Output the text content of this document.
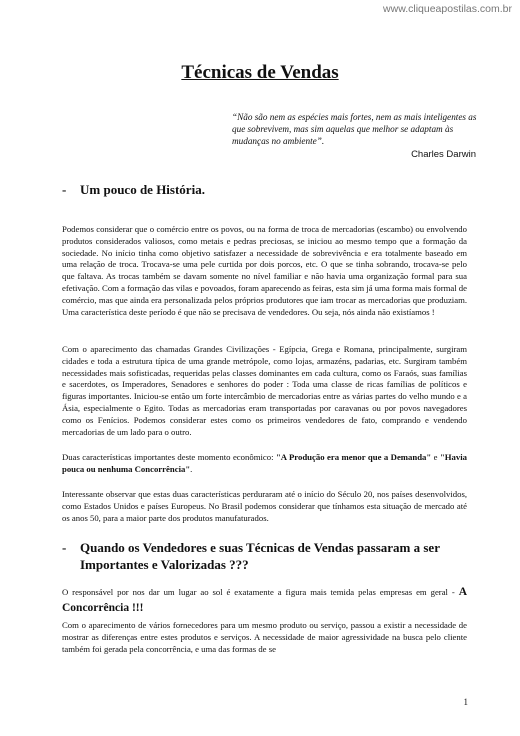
www.cliqueapostilas.com.br
Técnicas de Vendas
“Não são nem as espécies mais fortes, nem as mais inteligentes as que sobrevivem, mas sim aquelas que melhor se adaptam às mudanças no ambiente”.
Charles Darwin
- Um pouco de História.

Podemos considerar que o comércio entre os povos, ou na forma de troca de mercadorias (escambo) ou envolvendo produtos considerados valiosos, como metais e pedras preciosas, se iniciou ao mesmo tempo que a formação da sociedade. No início tinha como objetivo satisfazer a necessidade de sobrevivência e era totalmente baseado em uma relação de troca. Trocava-se uma pele curtida por dois porcos, etc. O que se tinha sobrando, trocava-se pelo que faltava. As trocas também se davam somente no nível familiar e não havia uma organização formal para sua efetivação. Com a formação das vilas e povoados, foram aparecendo as feiras, esta sim já uma forma mais formal de comércio, mas que ainda era personalizada pelos próprios produtores que iam trocar as mercadorias que produziam. Uma característica deste período é que não se precisava de vendedores. Ou seja, nós ainda não existíamos !

Com o aparecimento das chamadas Grandes Civilizações - Egípcia, Grega e Romana, principalmente, surgiram cidades e toda a estrutura típica de uma grande metrópole, como lojas, armazéns, padarias, etc. Surgiram também necessidades mais sofisticadas, requeridas pelas classes dominantes em cada cultura, como os Faraós, suas famílias e sacerdotes, os Imperadores, Senadores e senhores do poder : Toda uma classe de ricas famílias de políticos e figuras importantes. Iniciou-se então um forte intercâmbio de mercadorias entre as várias partes do velho mundo e a Ásia, especialmente o Egito. Todas as mercadorias eram transportadas por caravanas ou por povos navegadores como os Fenícios. Podemos considerar estes como os primeiros vendedores de fato, comprando e vendendo mercadorias de um lado para o outro.

Duas características importantes deste momento econômico: "A Produção era menor que a Demanda" e "Havia pouca ou nenhuma Concorrência".

Interessante observar que estas duas características perduraram até o início do Século 20, nos países desenvolvidos, como Estados Unidos e países Europeus. No Brasil podemos considerar que tínhamos esta situação de mercado até os anos 50, para a maior parte dos produtos manufaturados.

- Quando os Vendedores e suas Técnicas de Vendas passaram a ser
Importantes e Valorizadas ???

O responsável por nos dar um lugar ao sol é exatamente a figura mais temida pelas empresas em geral - A Concorrência !!!

Com o aparecimento de vários fornecedores para um mesmo produto ou serviço, passou a existir a necessidade de mostrar as diferenças entre estes produtos e serviços. A necessidade de maior agressividade na busca pelo cliente também foi gerada pela concorrência, e uma das formas de se

1
